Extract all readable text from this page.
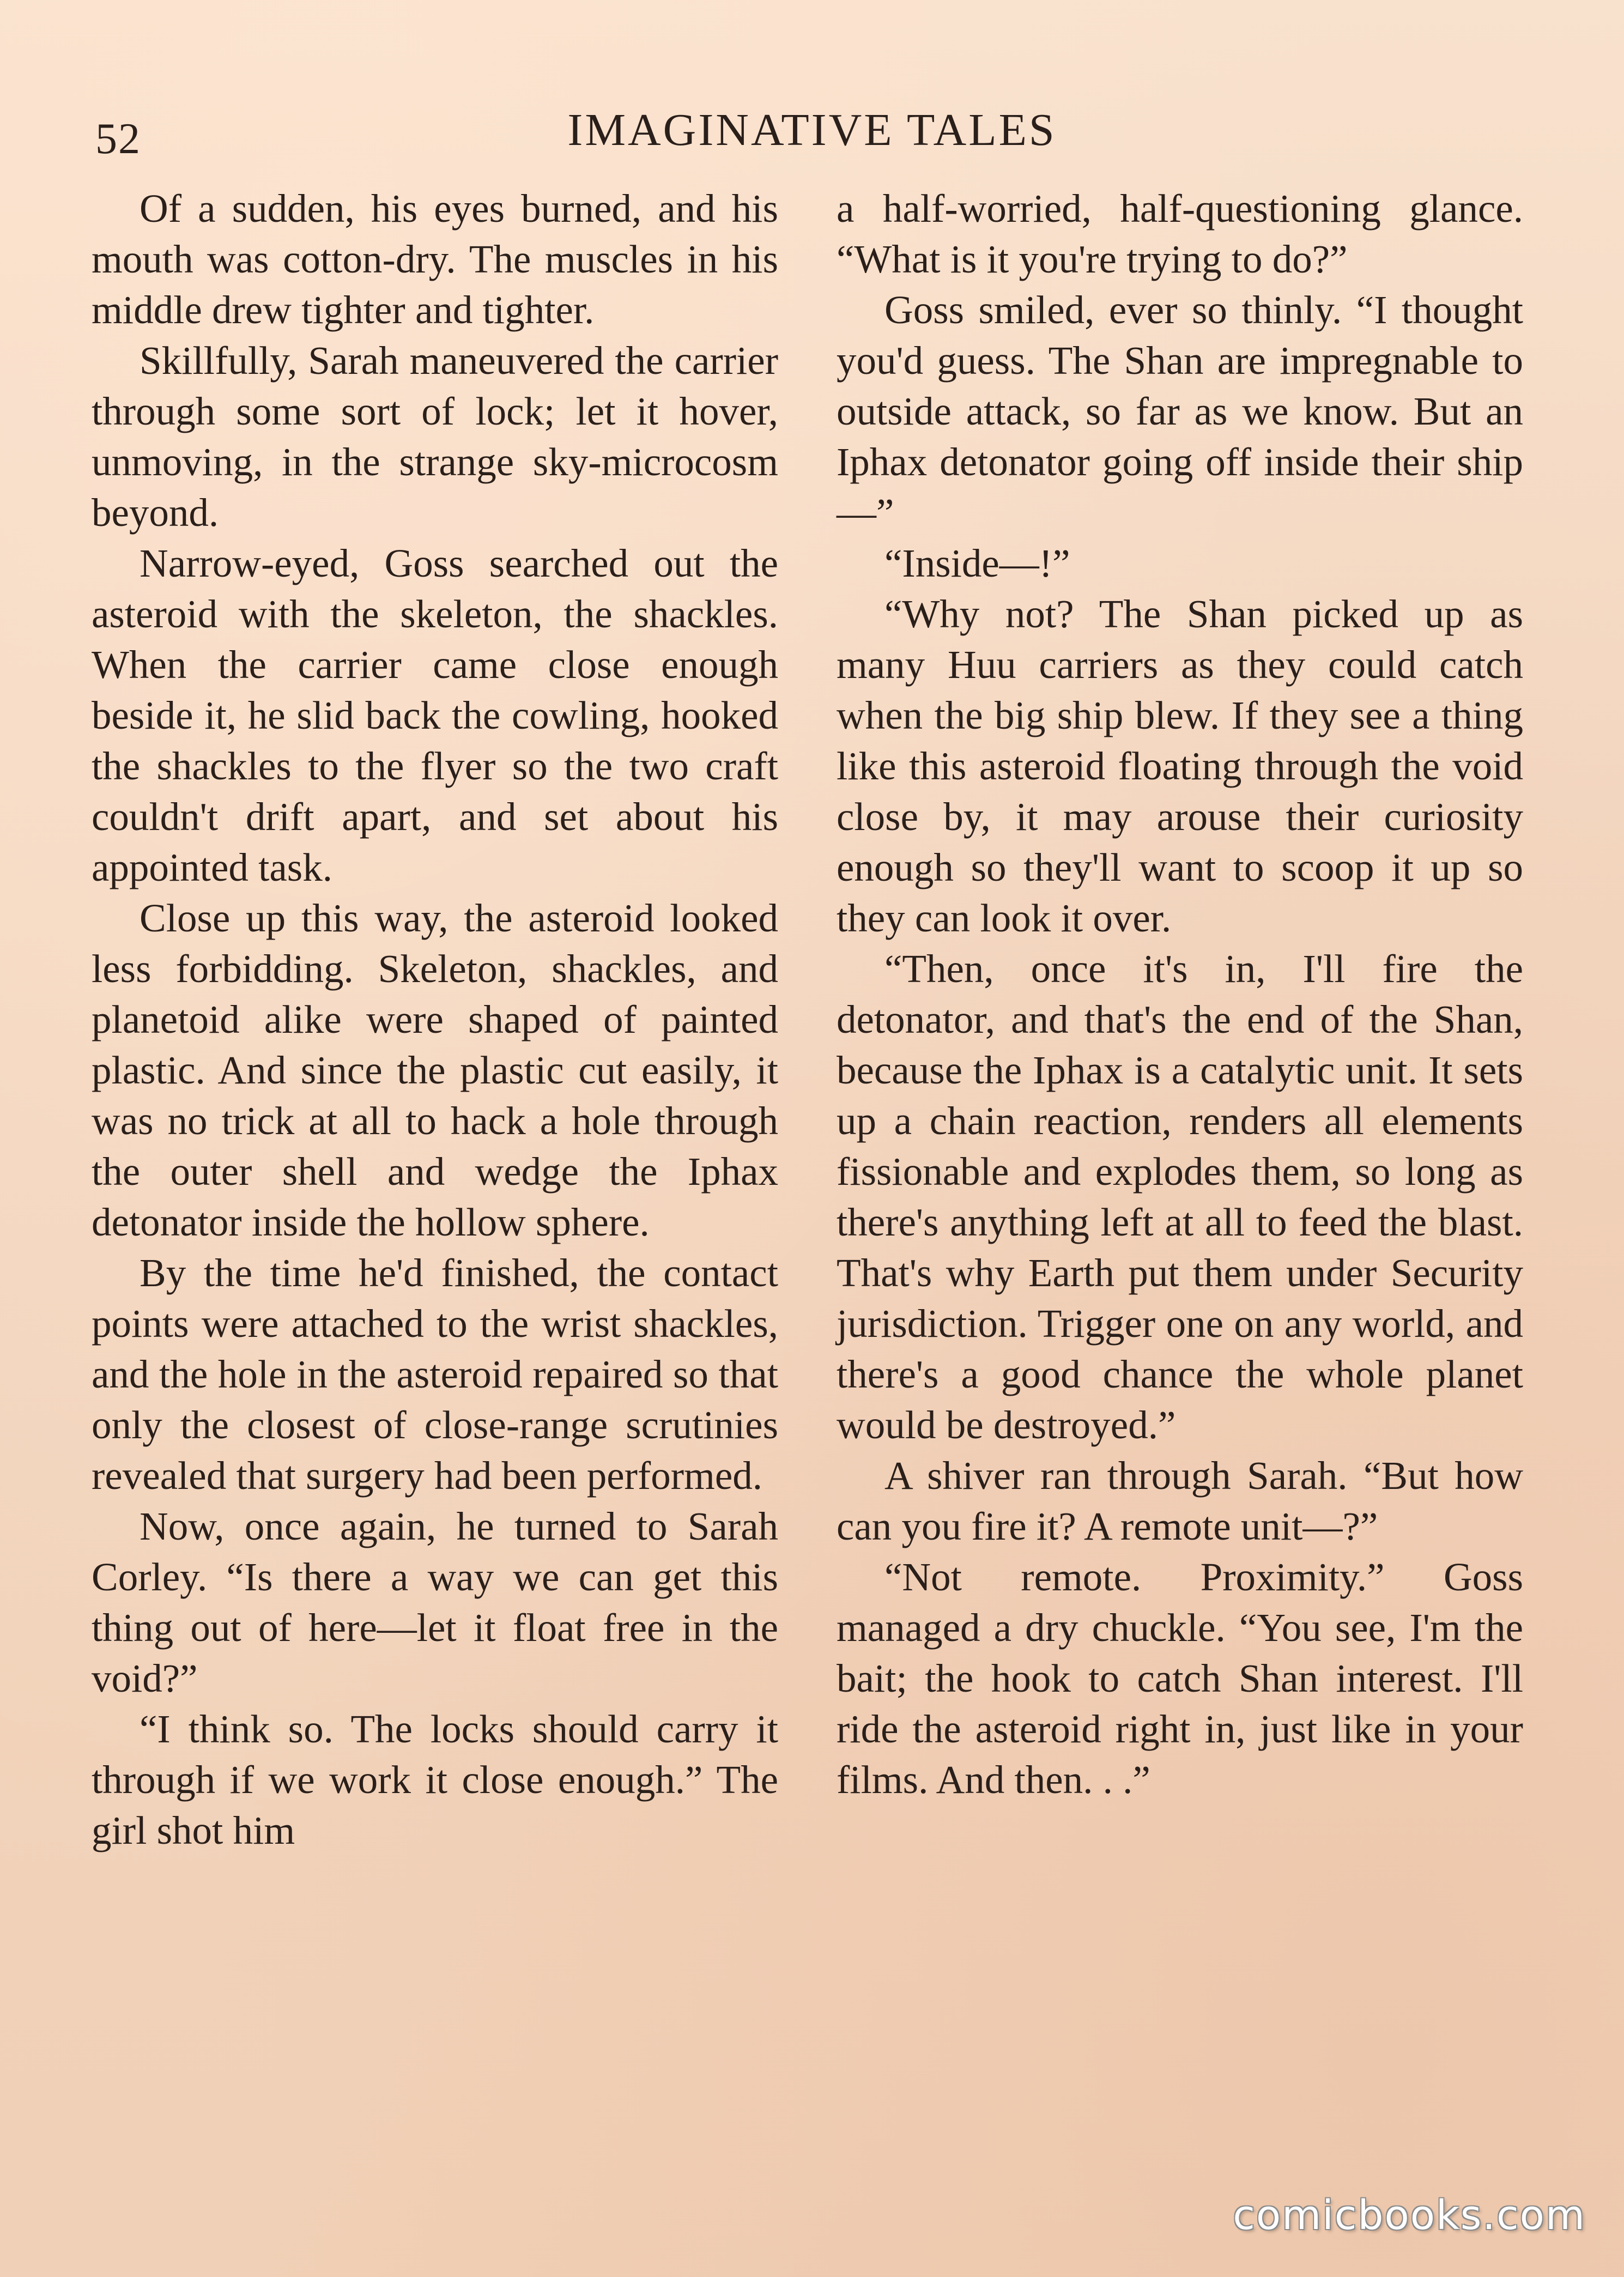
52	IMAGINATIVE TALES

Of a sudden, his eyes burned, and his mouth was cotton-dry. The muscles in his middle drew tighter and tighter.

Skillfully, Sarah maneuvered the carrier through some sort of lock; let it hover, unmoving, in the strange sky-microcosm beyond.

Narrow-eyed, Goss searched out the asteroid with the skeleton, the shackles. When the carrier came close enough beside it, he slid back the cowling, hooked the shackles to the flyer so the two craft couldn't drift apart, and set about his appointed task.

Close up this way, the asteroid looked less forbidding. Skeleton, shackles, and planetoid alike were shaped of painted plastic. And since the plastic cut easily, it was no trick at all to hack a hole through the outer shell and wedge the Iphax detonator inside the hollow sphere.

By the time he'd finished, the contact points were attached to the wrist shackles, and the hole in the asteroid repaired so that only the closest of close-range scrutinies revealed that surgery had been performed.

Now, once again, he turned to Sarah Corley. “Is there a way we can get this thing out of here—let it float free in the void?”

“I think so. The locks should carry it through if we work it close enough.” The girl shot him

a half-worried, half-questioning glance. “What is it you're trying to do?”

Goss smiled, ever so thinly. “I thought you'd guess. The Shan are impregnable to outside attack, so far as we know. But an Iphax detonator going off inside their ship—”

“Inside—!”

“Why not? The Shan picked up as many Huu carriers as they could catch when the big ship blew. If they see a thing like this asteroid floating through the void close by, it may arouse their curiosity enough so they'll want to scoop it up so they can look it over.

“Then, once it's in, I'll fire the detonator, and that's the end of the Shan, because the Iphax is a catalytic unit. It sets up a chain reaction, renders all elements fissionable and explodes them, so long as there's anything left at all to feed the blast. That's why Earth put them under Security jurisdiction. Trigger one on any world, and there's a good chance the whole planet would be destroyed.”

A shiver ran through Sarah. “But how can you fire it? A remote unit—?”

“Not remote. Proximity.” Goss managed a dry chuckle. “You see, I'm the bait; the hook to catch Shan interest. I'll ride the asteroid right in, just like in your films. And then. . .”

comicbooks.com
